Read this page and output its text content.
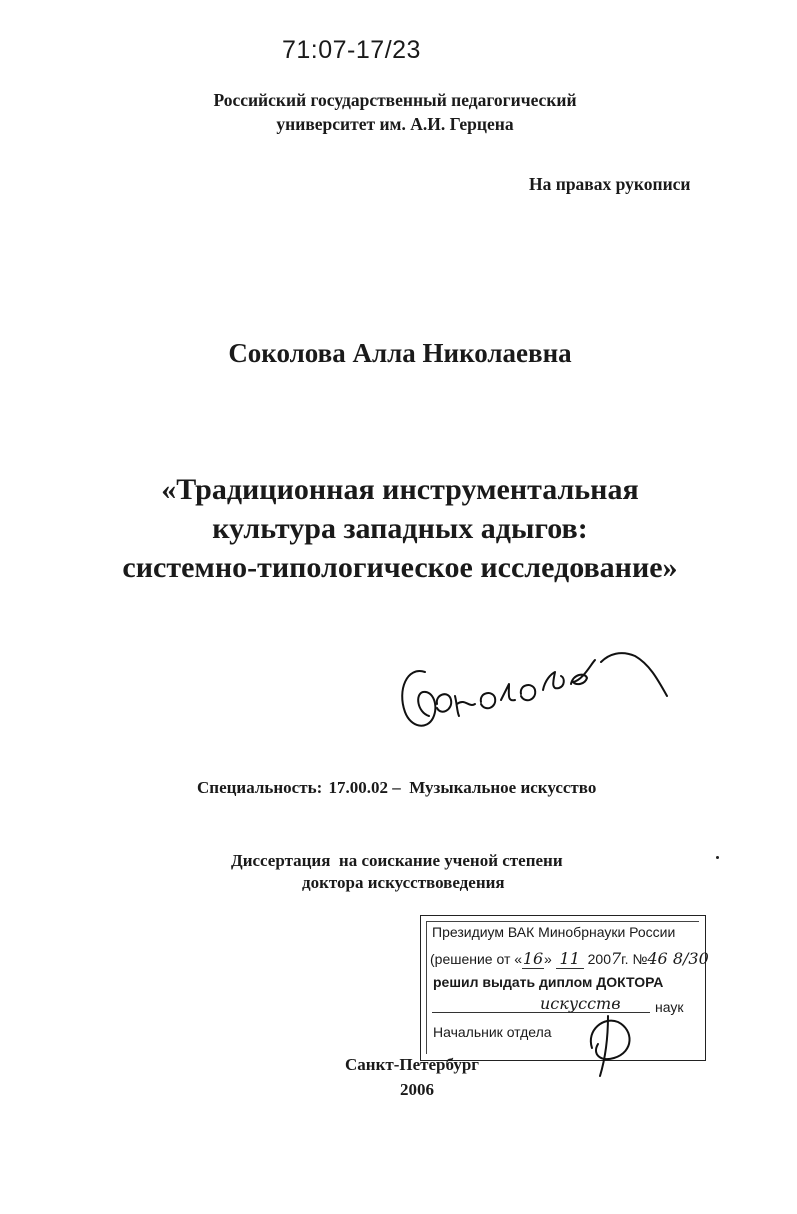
71:07-17/23
Российский государственный педагогический
университет им. А.И. Герцена
На правах рукописи
Соколова Алла Николаевна
«Традиционная инструментальная
культура западных адыгов:
системно-типологическое исследование»
Специальность: 17.00.02 – Музыкальное искусство
Диссертация на соискание ученой степени
доктора искусствоведения
Президиум ВАК Минобрнауки России
(решение от «16» 11 2007г. №46 8/30
решил выдать диплом ДОКТОРА
искусств наук
Начальник отдела
Санкт-Петербург
2006
